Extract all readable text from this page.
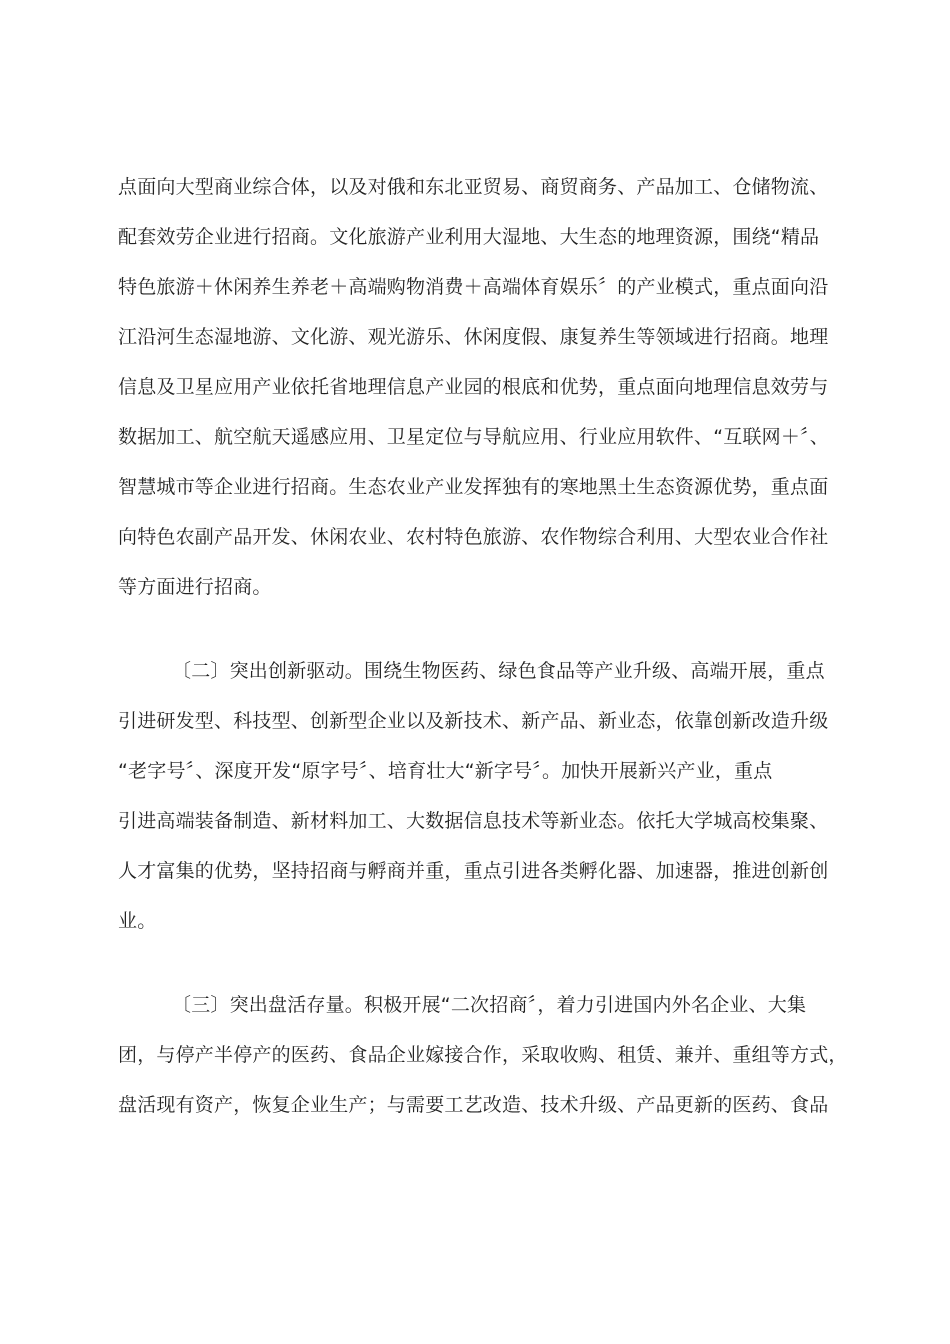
点面向大型商业综合体，以及对俄和东北亚贸易、商贸商务、产品加工、仓储物流、
配套效劳企业进行招商。文化旅游产业利用大湿地、大生态的地理资源，围绕“精品
特色旅游＋休闲养生养老＋高端购物消费＋高端体育娱乐〞的产业模式，重点面向沿
江沿河生态湿地游、文化游、观光游乐、休闲度假、康复养生等领域进行招商。地理
信息及卫星应用产业依托省地理信息产业园的根底和优势，重点面向地理信息效劳与
数据加工、航空航天遥感应用、卫星定位与导航应用、行业应用软件、“互联网＋〞、
智慧城市等企业进行招商。生态农业产业发挥独有的寒地黑土生态资源优势，重点面
向特色农副产品开发、休闲农业、农村特色旅游、农作物综合利用、大型农业合作社
等方面进行招商。
〔二〕突出创新驱动。围绕生物医药、绿色食品等产业升级、高端开展，重点
引进研发型、科技型、创新型企业以及新技术、新产品、新业态，依靠创新改造升级
“老字号〞、深度开发“原字号〞、培育壮大“新字号〞。加快开展新兴产业，重点
引进高端装备制造、新材料加工、大数据信息技术等新业态。依托大学城高校集聚、
人才富集的优势，坚持招商与孵商并重，重点引进各类孵化器、加速器，推进创新创
业。
〔三〕突出盘活存量。积极开展“二次招商〞，着力引进国内外名企业、大集
团，与停产半停产的医药、食品企业嫁接合作，采取收购、租赁、兼并、重组等方式，
盘活现有资产，恢复企业生产；与需要工艺改造、技术升级、产品更新的医药、食品
